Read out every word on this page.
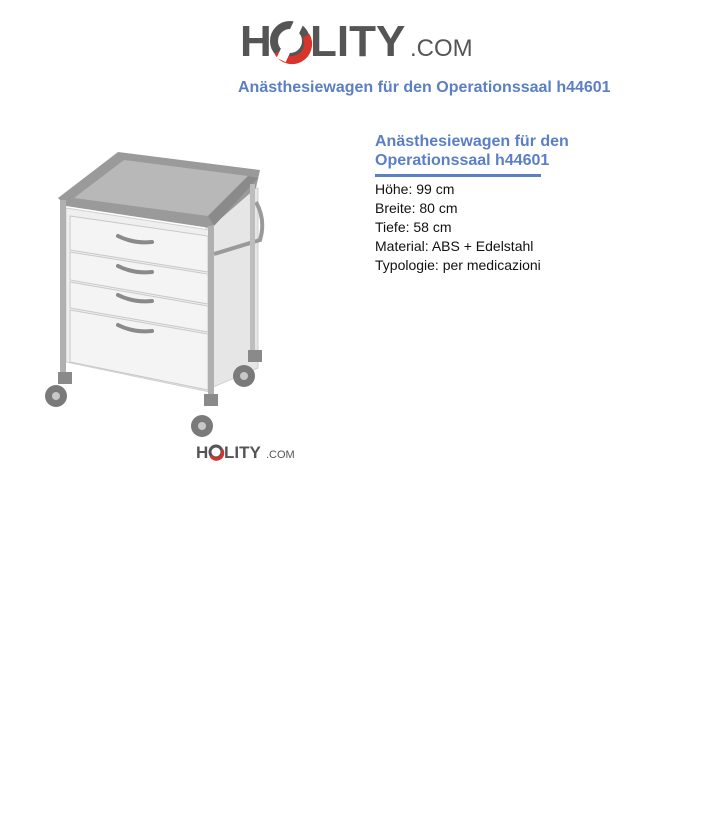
H LITY .COM
Anästhesiewagen für den Operationssaal h44601
H LITY .COM
Anästhesiewagen für den
Operationssaal h44601
Höhe: 99 cm
Breite: 80 cm
Tiefe: 58 cm
Material: ABS + Edelstahl
Typologie: per medicazioni
